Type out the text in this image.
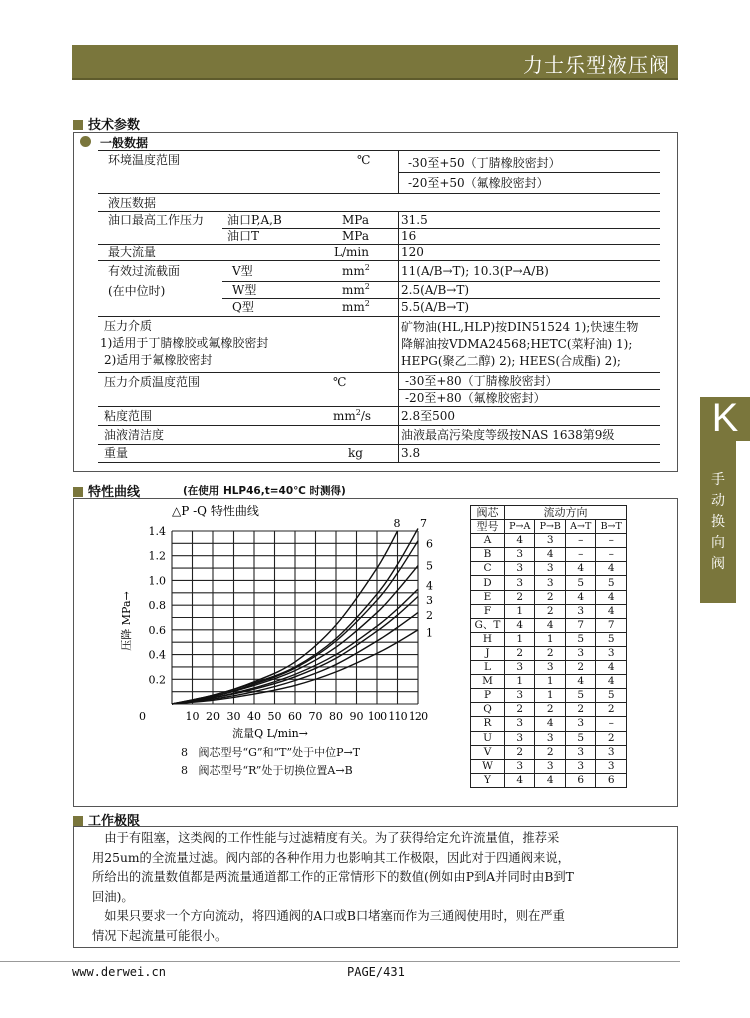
力士乐型液压阀
K
手
动
换
向
阀
技术参数
一般数据
环境温度范围	℃	-30至+50（丁腈橡胶密封）
-20至+50（氟橡胶密封）
液压数据
油口最高工作压力 油口P,A,B	MPa	31.5
油口T	MPa	16
最大流量	L/min	120
有效过流截面
(在中位时)
V型	$mm^2$	11(A/B→T); 10.3(P→A/B)
W型	$mm^2$	2.5(A/B→T)
Q型	$mm^2$	5.5(A/B→T)
压力介质
1)适用于丁腈橡胶或氟橡胶密封
2)适用于氟橡胶密封
矿物油(HL,HLP)按DIN51524 1);快速生物
降解油按VDMA24568;HETC(菜籽油) 1);
HEPG(聚乙二醇) 2); HEES(合成酯) 2);
压力介质温度范围	℃	-30至+80（丁腈橡胶密封）
-20至+80（氟橡胶密封）
粘度范围	$mm^2/s$ 2.8至500
油液清洁度	油液最高污染度等级按NAS 1638第9级
重量	kg	3.8
特性曲线	(在使用 HLP46,t=40℃ 时测得)
△P -Q 特性曲线
10 20 30 40 50 60 70 80 90 100 110 120
0.2
0.4
0.6
0.8
1.0
1.2
1.4
0
1
2
3
4
5
6
7
8
压降 MPa→
流量Q L/min→
8 阀芯型号“G”和“T”处于中位P→T
8 阀芯型号“R”处于切换位置A→B
阀芯	流动方向			
型号	P→A	P→B	A→T	B→T
A	4	3	–	–
B	3	4	–	–
C	3	3	4	4
D	3	3	5	5
E	2	2	4	4
F	1	2	3	4
G、T	4	4	7	7
H	1	1	5	5
J	2	2	3	3
L	3	3	2	4
M	1	1	4	4
P	3	1	5	5
Q	2	2	2	2
R	3	4	3	–
U	3	3	5	2
V	2	2	3	3
W	3	3	3	3
Y	4	4	6	6
工作极限
　由于有阻塞，这类阀的工作性能与过滤精度有关。为了获得给定允许流量值，推荐采
用25um的全流量过滤。阀内部的各种作用力也影响其工作极限，因此对于四通阀来说，
所给出的流量数值都是两流量通道都工作的正常情形下的数值(例如由P到A并同时由B到T
回油)。
　如果只要求一个方向流动，将四通阀的A口或B口堵塞而作为三通阀使用时，则在严重
情况下起流量可能很小。
www.derwei.cn	PAGE/431
